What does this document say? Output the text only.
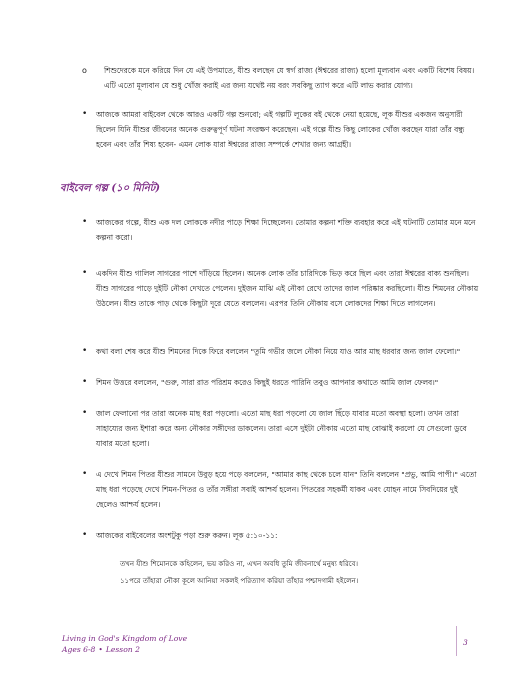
o শিশুদেরকে মনে করিয়ে দিন যে এই উপমাতে, যীশু বলছেন যে স্বর্গ রাজ্য (ঈশ্বরের রাজ্য) হলো মূল্যবান এবং একটি বিশেষ বিষয়। এটি এতো মূল্যবান যে শুধু খোঁজ করাই এর জন্য যথেষ্ট নয় বরং সবকিছু ত্যাগ করে এটি লাভ করার যোগ্য।
• আজকে আমরা বাইবেল থেকে আরও একটি গল্প শুনবো; এই গল্পটি লূকের বই থেকে নেয়া হয়েছে, লূক যীশুর একজন অনুসারী ছিলেন যিনি যীশুর জীবনের অনেক গুরুত্বপূর্ণ ঘটনা সংরক্ষণ করেছেন। এই গল্পে যীশু কিছু লোকের খোঁজ করছেন যারা তাঁর বন্ধু হবেন এবং তাঁর শিষ্য হবেন- এমন লোক যারা ঈশ্বরের রাজ্য সম্পর্কে শেখার জন্য আগ্রহী।
বাইবেল গল্প (১০ মিনিট)
• আজকের গল্পে, যীশু এক দল লোককে নদীর পাড়ে শিক্ষা দিচ্ছেলেন। তোমার কল্পনা শক্তি ব্যবহার করে এই ঘটনাটি তোমার মনে মনে কল্পনা করো।
• একদিন যীশু গালিল সাগরের পাশে দাঁড়িয়ে ছিলেন। অনেক লোক তাঁর চারিদিকে ভিড় করে ছিল এবং তারা ঈশ্বরের বাক্য শুনছিল। যীশু সাগরের পাড়ে দুইটি নৌকা দেখতে পেলেন। দুইজন মাঝি এই নৌকা রেখে তাদের জাল পরিষ্কার করছিলো। যীশু শিমনের নৌকায় উঠলেন। যীশু তাকে পাড় থেকে কিছুটা দূরে যেতে বললেন। এরপর তিনি নৌকায় বসে লোকদের শিক্ষা দিতে লাগলেন।
• কথা বলা শেষ করে যীশু শিমনের দিকে ফিরে বললেন "তুমি গভীর জলে নৌকা নিয়ে যাও আর মাছ ধরবার জন্য জাল ফেলো।"
• শিমন উত্তরে বললেন, "গুরু, সারা রাত পরিশ্রম করেও কিছুই ধরতে পারিনি তবুও আপনার কথাতে আমি জাল ফেলব।"
• জাল ফেলানো পর তারা অনেক মাছ ধরা পড়লো। এতো মাছ ধরা পড়লো যে জাল ছিঁড়ে যাবার মতো অবস্থা হলো। তখন তারা সাহায্যের জন্য ইশারা করে অন্য নৌকার সঙ্গীদের ডাকলেন। তারা এসে দুইটা নৌকায় এতো মাছ বোঝাই করলো যে সেগুলো ডুবে যাবার মতো হলো।
• এ দেখে শিমন পিতর যীশুর সামনে উবুড় হয়ে পড়ে বললেন, "আমার কাছ থেকে চলে যান" তিনি বললেন "প্রভু, আমি পাপী।" এতো মাছ ধরা পড়েছে দেখে শিমন-পিতর ও তাঁর সঙ্গীরা সবাই আশ্চর্য হলেন। পিতরের সহকর্মী যাকব এবং যোহন নামে সিবদিয়ের দুই ছেলেও আশ্চর্য হলেন।
• আজকের বাইবেলের অংশটুকু পড়া শুরু করুন। লূক ৫:১০-১১:
তখন যীশু শিমোনকে কহিলেন, ভয় করিও না, এখন অবধি তুমি জীবনার্থে মনুষ্য ধরিবে।
১১পরে তাঁহারা নৌকা কূলে আনিয়া সকলই পরিত্যাগ করিয়া তাঁহার পশ্চাদগামী হইলেন।
Living in God's Kingdom of Love
Ages 6-8 • Lesson 2
3
